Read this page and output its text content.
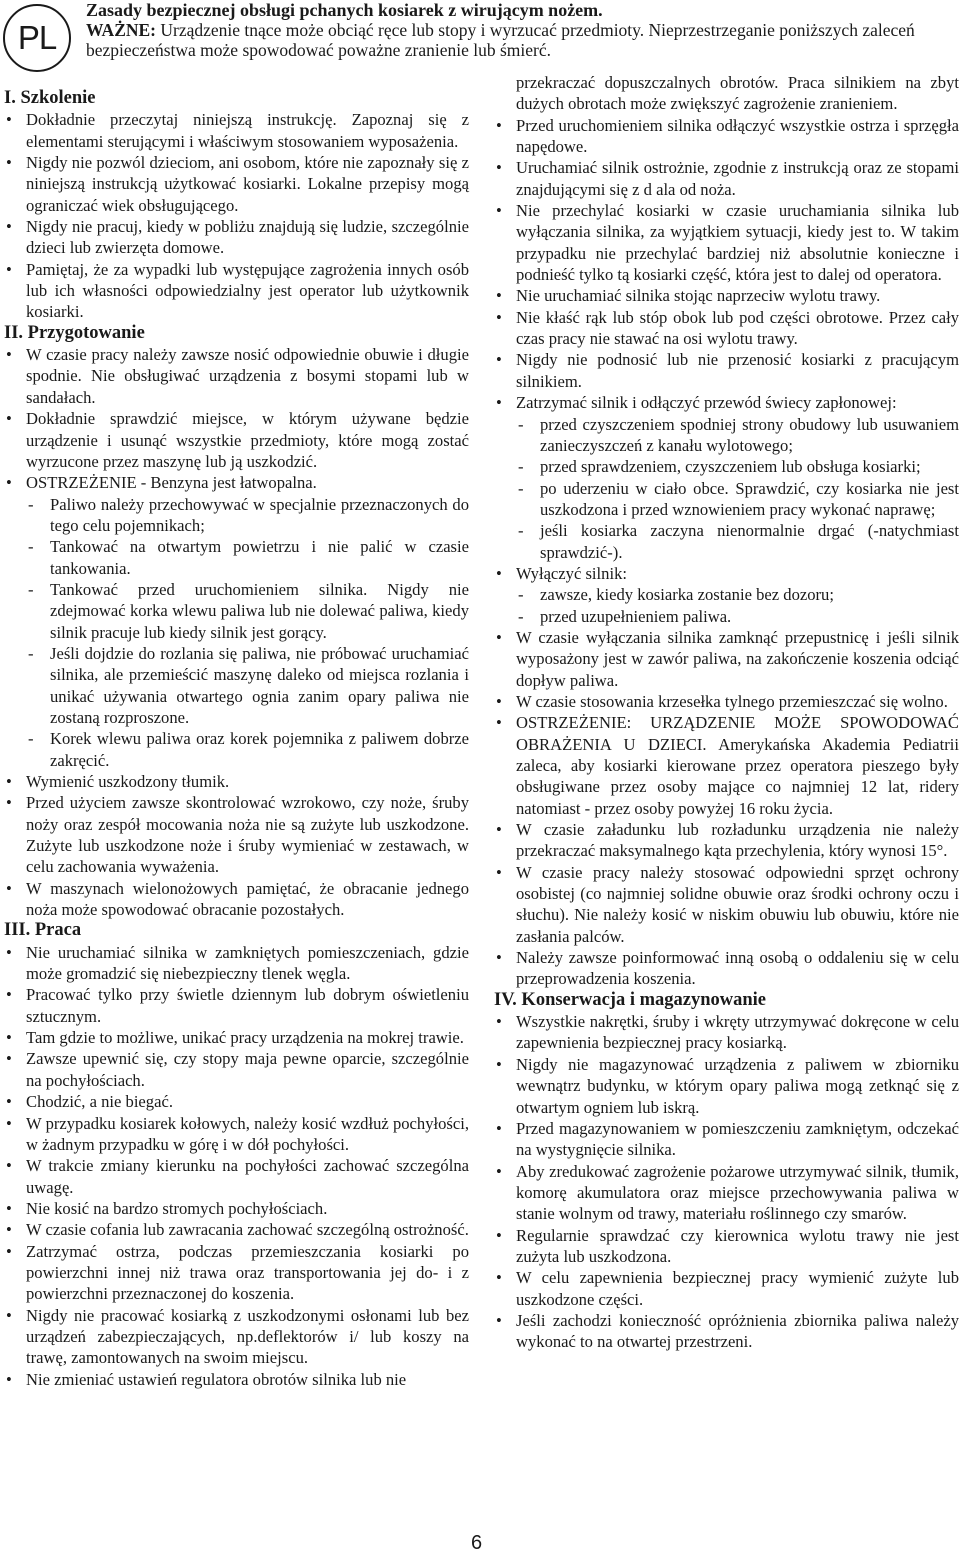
PL
Zasady bezpiecznej obsługi pchanych kosiarek z wirującym nożem.
WAŻNE: Urządzenie tnące może obciąć ręce lub stopy i wyrzucać przedmioty. Nieprzestrzeganie poniższych zaleceń bezpieczeństwa może spowodować poważne zranienie lub śmierć.
I. Szkolenie
• Dokładnie przeczytaj niniejszą instrukcję. Zapoznaj się z elementami sterującymi i właściwym stosowaniem wyposażenia.
• Nigdy nie pozwól dzieciom, ani osobom, które nie zapoznały się z niniejszą instrukcją użytkować kosiarki. Lokalne przepisy mogą ograniczać wiek obsługującego.
• Nigdy nie pracuj, kiedy w pobliżu znajdują się ludzie, szczególnie dzieci lub zwierzęta domowe.
• Pamiętaj, że za wypadki lub występujące zagrożenia innych osób lub ich własności odpowiedzialny jest operator lub użytkownik kosiarki.
II. Przygotowanie
• W czasie pracy należy zawsze nosić odpowiednie obuwie i długie spodnie. Nie obsługiwać urządzenia z bosymi stopami lub w sandałach.
• Dokładnie sprawdzić miejsce, w którym używane będzie urządzenie i usunąć wszystkie przedmioty, które mogą zostać wyrzucone przez maszynę lub ją uszkodzić.
• OSTRZEŻENIE - Benzyna jest łatwopalna.
- Paliwo należy przechowywać w specjalnie przeznaczonych do tego celu pojemnikach;
- Tankować na otwartym powietrzu i nie palić w czasie tankowania.
- Tankować przed uruchomieniem silnika. Nigdy nie zdejmować korka wlewu paliwa lub nie dolewać paliwa, kiedy silnik pracuje lub kiedy silnik jest gorący.
- Jeśli dojdzie do rozlania się paliwa, nie próbować uruchamiać silnika, ale przemieścić maszynę daleko od miejsca rozlania i unikać używania otwartego ognia zanim opary paliwa nie zostaną rozproszone.
- Korek wlewu paliwa oraz korek pojemnika z paliwem dobrze zakręcić.
• Wymienić uszkodzony tłumik.
• Przed użyciem zawsze skontrolować wzrokowo, czy noże, śruby noży oraz zespół mocowania noża nie są zużyte lub uszkodzone. Zużyte lub uszkodzone noże i śruby wymieniać w zestawach, w celu zachowania wyważenia.
• W maszynach wielonożowych pamiętać, że obracanie jednego noża może spowodować obracanie pozostałych.
III. Praca
• Nie uruchamiać silnika w zamkniętych pomieszczeniach, gdzie może gromadzić się niebezpieczny tlenek węgla.
• Pracować tylko przy świetle dziennym lub dobrym oświetleniu sztucznym.
• Tam gdzie to możliwe, unikać pracy urządzenia na mokrej trawie.
• Zawsze upewnić się, czy stopy maja pewne oparcie, szczególnie na pochyłościach.
• Chodzić, a nie biegać.
• W przypadku kosiarek kołowych, należy kosić wzdłuż pochyłości, w żadnym przypadku w górę i w dół pochyłości.
• W trakcie zmiany kierunku na pochyłości zachować szczególna uwagę.
• Nie kosić na bardzo stromych pochyłościach.
• W czasie cofania lub zawracania zachować szczególną ostrożność.
• Zatrzymać ostrza, podczas przemieszczania kosiarki po powierzchni innej niż trawa oraz transportowania jej do- i z powierzchni przeznaczonej do koszenia.
• Nigdy nie pracować kosiarką z uszkodzonymi osłonami lub bez urządzeń zabezpieczających, np.deflektorów i/ lub koszy na trawę, zamontowanych na swoim miejscu.
• Nie zmieniać ustawień regulatora obrotów silnika lub nie
przekraczać dopuszczalnych obrotów. Praca silnikiem na zbyt dużych obrotach może zwiększyć zagrożenie zranieniem.
• Przed uruchomieniem silnika odłączyć wszystkie ostrza i sprzęgła napędowe.
• Uruchamiać silnik ostrożnie, zgodnie z instrukcją oraz ze stopami znajdującymi się z d ala od noża.
• Nie przechylać kosiarki w czasie uruchamiania silnika lub wyłączania silnika, za wyjątkiem sytuacji, kiedy jest to. W takim przypadku nie przechylać bardziej niż absolutnie konieczne i podnieść tylko tą kosiarki część, która jest to dalej od operatora.
• Nie uruchamiać silnika stojąc naprzeciw wylotu trawy.
• Nie kłaść rąk lub stóp obok lub pod części obrotowe. Przez cały czas pracy nie stawać na osi wylotu trawy.
• Nigdy nie podnosić lub nie przenosić kosiarki z pracującym silnikiem.
• Zatrzymać silnik i odłączyć przewód świecy zapłonowej:
- przed czyszczeniem spodniej strony obudowy lub usuwaniem zanieczyszczeń z kanału wylotowego;
- przed sprawdzeniem, czyszczeniem lub obsługa kosiarki;
- po uderzeniu w ciało obce. Sprawdzić, czy kosiarka nie jest uszkodzona i przed wznowieniem pracy wykonać naprawę;
- jeśli kosiarka zaczyna nienormalnie drgać (-natychmiast sprawdzić-).
• Wyłączyć silnik:
- zawsze, kiedy kosiarka zostanie bez dozoru;
- przed uzupełnieniem paliwa.
• W czasie wyłączania silnika zamknąć przepustnicę i jeśli silnik wyposażony jest w zawór paliwa, na zakończenie koszenia odciąć dopływ paliwa.
• W czasie stosowania krzesełka tylnego przemieszczać się wolno.
• OSTRZEŻENIE: URZĄDZENIE MOŻE SPOWODOWAĆ OBRAŻENIA U DZIECI. Amerykańska Akademia Pediatrii zaleca, aby kosiarki kierowane przez operatora pieszego były obsługiwane przez osoby mające co najmniej 12 lat, ridery natomiast - przez osoby powyżej 16 roku życia.
• W czasie załadunku lub rozładunku urządzenia nie należy przekraczać maksymalnego kąta przechylenia, który wynosi 15°.
• W czasie pracy należy stosować odpowiedni sprzęt ochrony osobistej (co najmniej solidne obuwie oraz środki ochrony oczu i słuchu). Nie należy kosić w niskim obuwiu lub obuwiu, które nie zasłania palców.
• Należy zawsze poinformować inną osobą o oddaleniu się w celu przeprowadzenia koszenia.
IV. Konserwacja i magazynowanie
• Wszystkie nakrętki, śruby i wkręty utrzymywać dokręcone w celu zapewnienia bezpiecznej pracy kosiarką.
• Nigdy nie magazynować urządzenia z paliwem w zbiorniku wewnątrz budynku, w którym opary paliwa mogą zetknąć się z otwartym ogniem lub iskrą.
• Przed magazynowaniem w pomieszczeniu zamkniętym, odczekać na wystygnięcie silnika.
• Aby zredukować zagrożenie pożarowe utrzymywać silnik, tłumik, komorę akumulatora oraz miejsce przechowywania paliwa w stanie wolnym od trawy, materiału roślinnego czy smarów.
• Regularnie sprawdzać czy kierownica wylotu trawy nie jest zużyta lub uszkodzona.
• W celu zapewnienia bezpiecznej pracy wymienić zużyte lub uszkodzone części.
• Jeśli zachodzi konieczność opróżnienia zbiornika paliwa należy wykonać to na otwartej przestrzeni.
6
